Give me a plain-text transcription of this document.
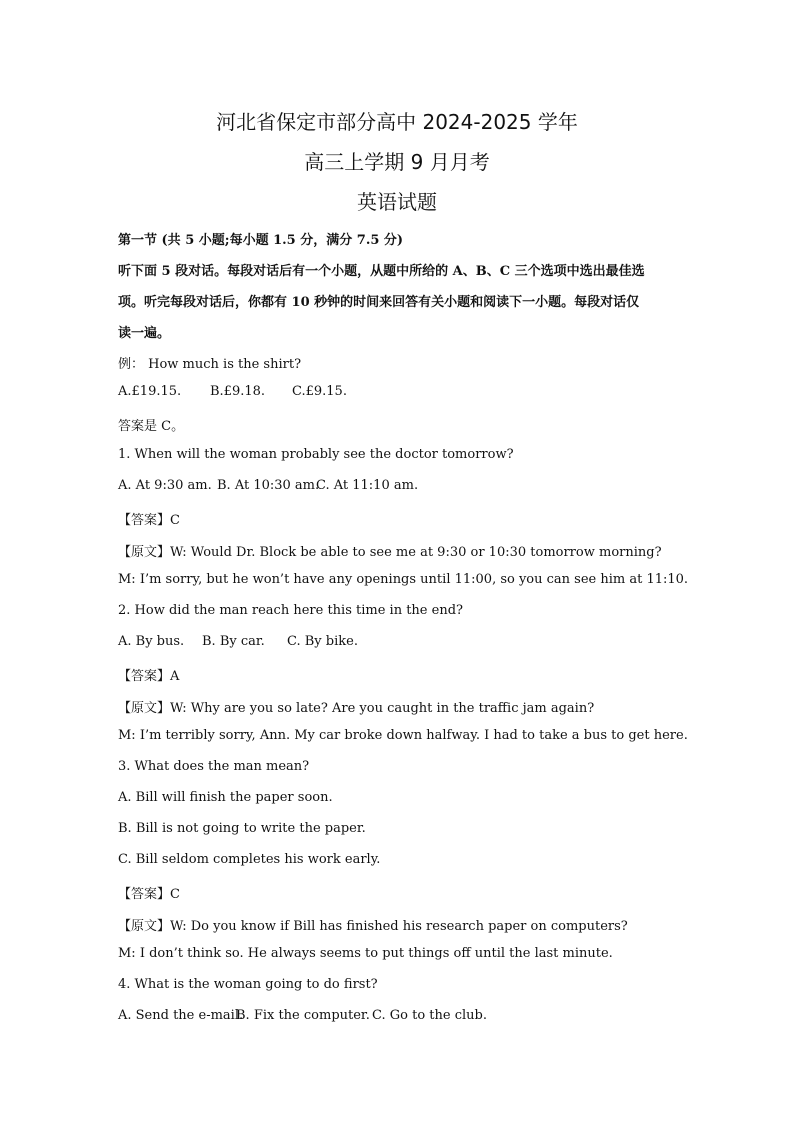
河北省保定市部分高中 2024-2025 学年
高三上学期 9 月月考
英语试题
第一节 (共 5 小题;每小题 1.5 分，满分 7.5 分)
听下面 5 段对话。每段对话后有一个小题，从题中所给的 A、B、C 三个选项中选出最佳选
项。听完每段对话后，你都有 10 秒钟的时间来回答有关小题和阅读下一小题。每段对话仅
读一遍。
例： How much is the shirt?
A.£19.15. B.£9.18. C.£9.15.
答案是 C。
1. When will the woman probably see the doctor tomorrow?
A. At 9:30 am. B. At 10:30 am.C. At 11:10 am.
【答案】C
【原文】W: Would Dr. Block be able to see me at 9:30 or 10:30 tomorrow morning?
M: I’m sorry, but he won’t have any openings until 11:00, so you can see him at 11:10.
2. How did the man reach here this time in the end?
A. By bus. B. By car. C. By bike.
【答案】A
【原文】W: Why are you so late? Are you caught in the traffic jam again?
M: I’m terribly sorry, Ann. My car broke down halfway. I had to take a bus to get here.
3. What does the man mean?
A. Bill will finish the paper soon.
B. Bill is not going to write the paper.
C. Bill seldom completes his work early.
【答案】C
【原文】W: Do you know if Bill has finished his research paper on computers?
M: I don’t think so. He always seems to put things off until the last minute.
4. What is the woman going to do first?
A. Send the e-mail.B. Fix the computer. C. Go to the club.
